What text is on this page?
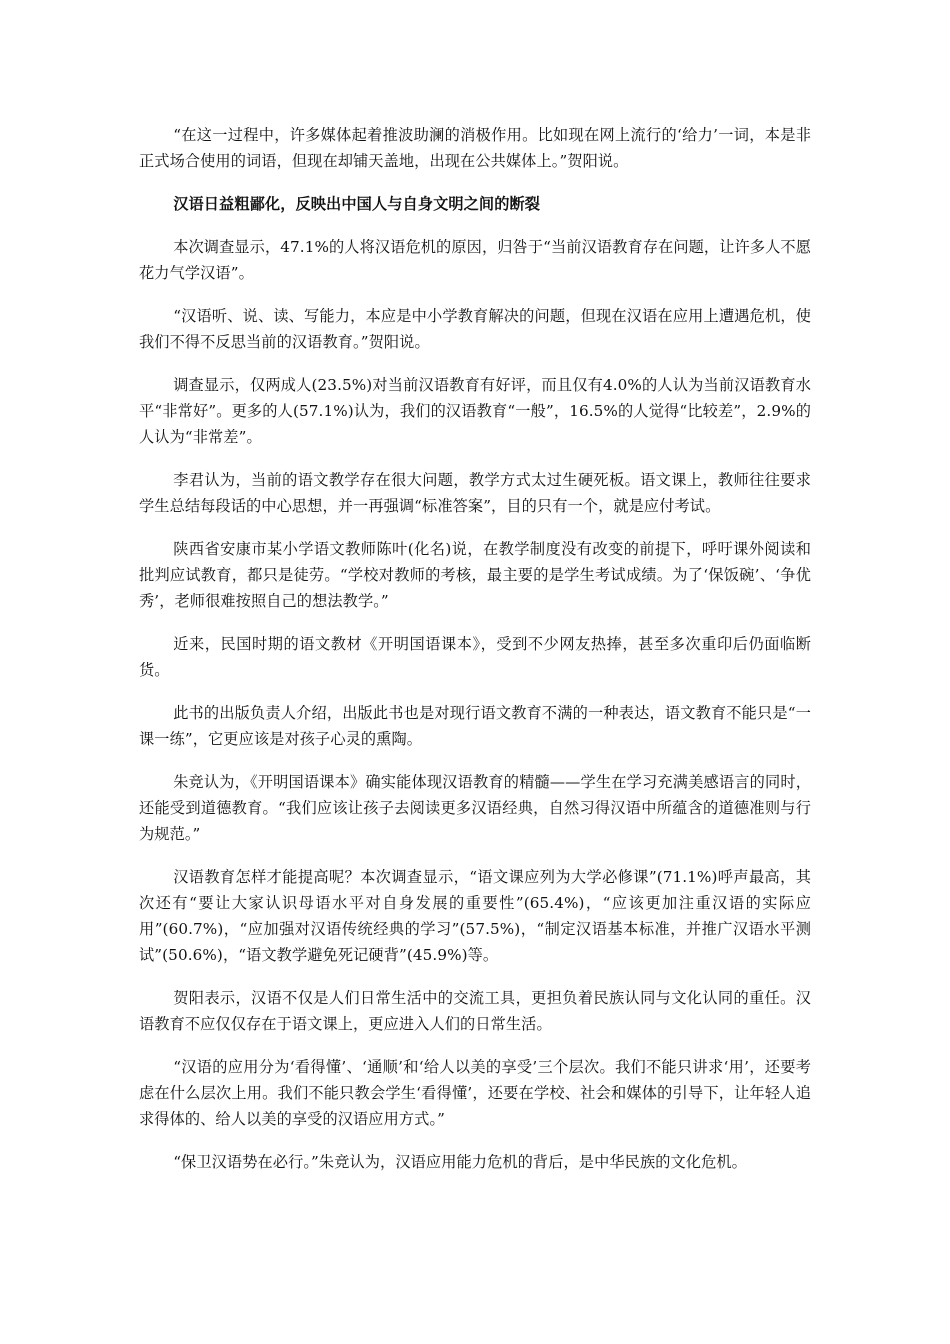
“在这一过程中，许多媒体起着推波助澜的消极作用。比如现在网上流行的‘给力’一词，本是非正式场合使用的词语，但现在却铺天盖地，出现在公共媒体上。”贺阳说。

汉语日益粗鄙化，反映出中国人与自身文明之间的断裂

本次调查显示，47.1%的人将汉语危机的原因，归咎于“当前汉语教育存在问题，让许多人不愿花力气学汉语”。

“汉语听、说、读、写能力，本应是中小学教育解决的问题，但现在汉语在应用上遭遇危机，使我们不得不反思当前的汉语教育。”贺阳说。

调查显示，仅两成人(23.5%)对当前汉语教育有好评，而且仅有4.0%的人认为当前汉语教育水平“非常好”。更多的人(57.1%)认为，我们的汉语教育“一般”，16.5%的人觉得“比较差”，2.9%的人认为“非常差”。

李君认为，当前的语文教学存在很大问题，教学方式太过生硬死板。语文课上，教师往往要求学生总结每段话的中心思想，并一再强调“标准答案”，目的只有一个，就是应付考试。

陕西省安康市某小学语文教师陈叶(化名)说，在教学制度没有改变的前提下，呼吁课外阅读和批判应试教育，都只是徒劳。“学校对教师的考核，最主要的是学生考试成绩。为了‘保饭碗’、‘争优秀’，老师很难按照自己的想法教学。”

近来，民国时期的语文教材《开明国语课本》，受到不少网友热捧，甚至多次重印后仍面临断货。

此书的出版负责人介绍，出版此书也是对现行语文教育不满的一种表达，语文教育不能只是“一课一练”，它更应该是对孩子心灵的熏陶。

朱竞认为，《开明国语课本》确实能体现汉语教育的精髓——学生在学习充满美感语言的同时，还能受到道德教育。“我们应该让孩子去阅读更多汉语经典，自然习得汉语中所蕴含的道德准则与行为规范。”

汉语教育怎样才能提高呢？本次调查显示，“语文课应列为大学必修课”(71.1%)呼声最高，其次还有“要让大家认识母语水平对自身发展的重要性”(65.4%)，“应该更加注重汉语的实际应用”(60.7%)，“应加强对汉语传统经典的学习”(57.5%)，“制定汉语基本标准，并推广汉语水平测试”(50.6%)，“语文教学避免死记硬背”(45.9%)等。

贺阳表示，汉语不仅是人们日常生活中的交流工具，更担负着民族认同与文化认同的重任。汉语教育不应仅仅存在于语文课上，更应进入人们的日常生活。

“汉语的应用分为‘看得懂’、‘通顺’和‘给人以美的享受’三个层次。我们不能只讲求‘用’，还要考虑在什么层次上用。我们不能只教会学生‘看得懂’，还要在学校、社会和媒体的引导下，让年轻人追求得体的、给人以美的享受的汉语应用方式。”

“保卫汉语势在必行。”朱竞认为，汉语应用能力危机的背后，是中华民族的文化危机。
